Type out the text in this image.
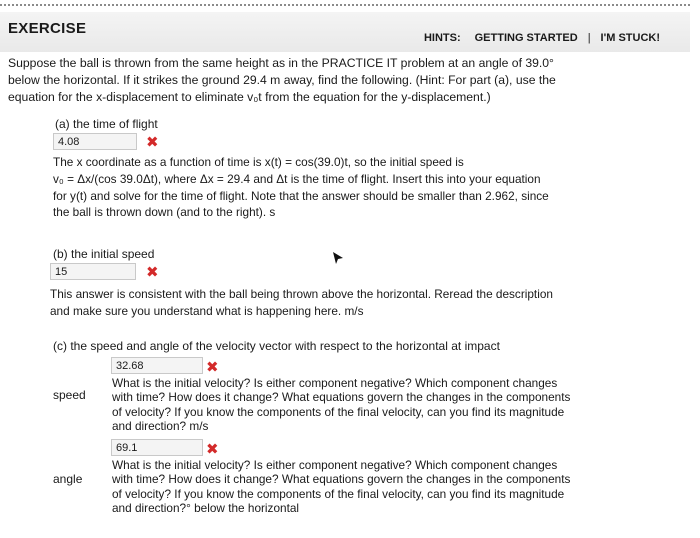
EXERCISE
HINTS: GETTING STARTED | I'M STUCK!
Suppose the ball is thrown from the same height as in the PRACTICE IT problem at an angle of 39.0°
below the horizontal. If it strikes the ground 29.4 m away, find the following. (Hint: For part (a), use the
equation for the x-displacement to eliminate v₀t from the equation for the y-displacement.)
(a) the time of flight
4.08	✖
The x coordinate as a function of time is x(t) = cos(39.0)t, so the initial speed is
v₀ = Δx/(cos 39.0Δt), where Δx = 29.4 and Δt is the time of flight. Insert this into your equation
for y(t) and solve for the time of flight. Note that the answer should be smaller than 2.962, since
the ball is thrown down (and to the right). s
(b) the initial speed
15	✖
This answer is consistent with the ball being thrown above the horizontal. Reread the description
and make sure you understand what is happening here. m/s
(c) the speed and angle of the velocity vector with respect to the horizontal at impact
speed
32.68	✖
What is the initial velocity? Is either component negative? Which component changes
with time? How does it change? What equations govern the changes in the components
of velocity? If you know the components of the final velocity, can you find its magnitude
and direction? m/s
angle
69.1	✖
What is the initial velocity? Is either component negative? Which component changes
with time? How does it change? What equations govern the changes in the components
of velocity? If you know the components of the final velocity, can you find its magnitude
and direction?° below the horizontal
